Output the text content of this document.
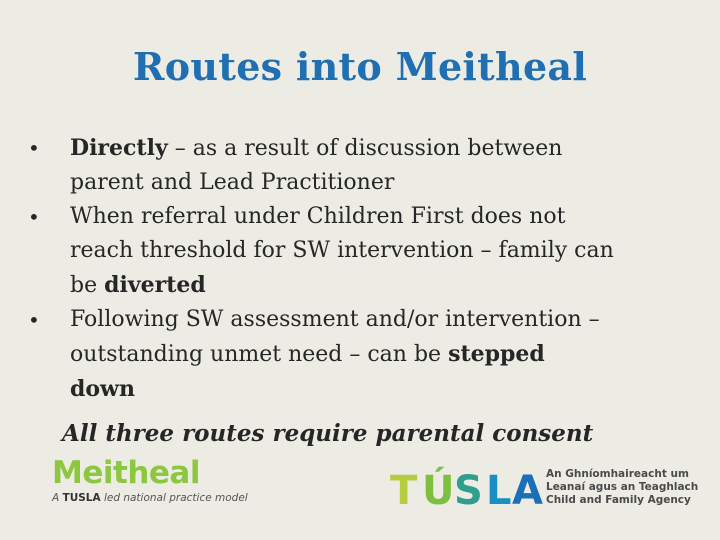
Routes into Meitheal
•	Directly – as a result of discussion between
parent and Lead Practitioner
•	When referral under Children First does not
reach threshold for SW intervention – family can
be diverted
•	Following SW assessment and/or intervention –
outstanding unmet need – can be stepped
down
All three routes require parental consent
Meitheal
A TUSLA led national practice model	T Ú S L A An Ghníomhaireacht um
Leanaí agus an Teaghlach
Child and Family Agency
